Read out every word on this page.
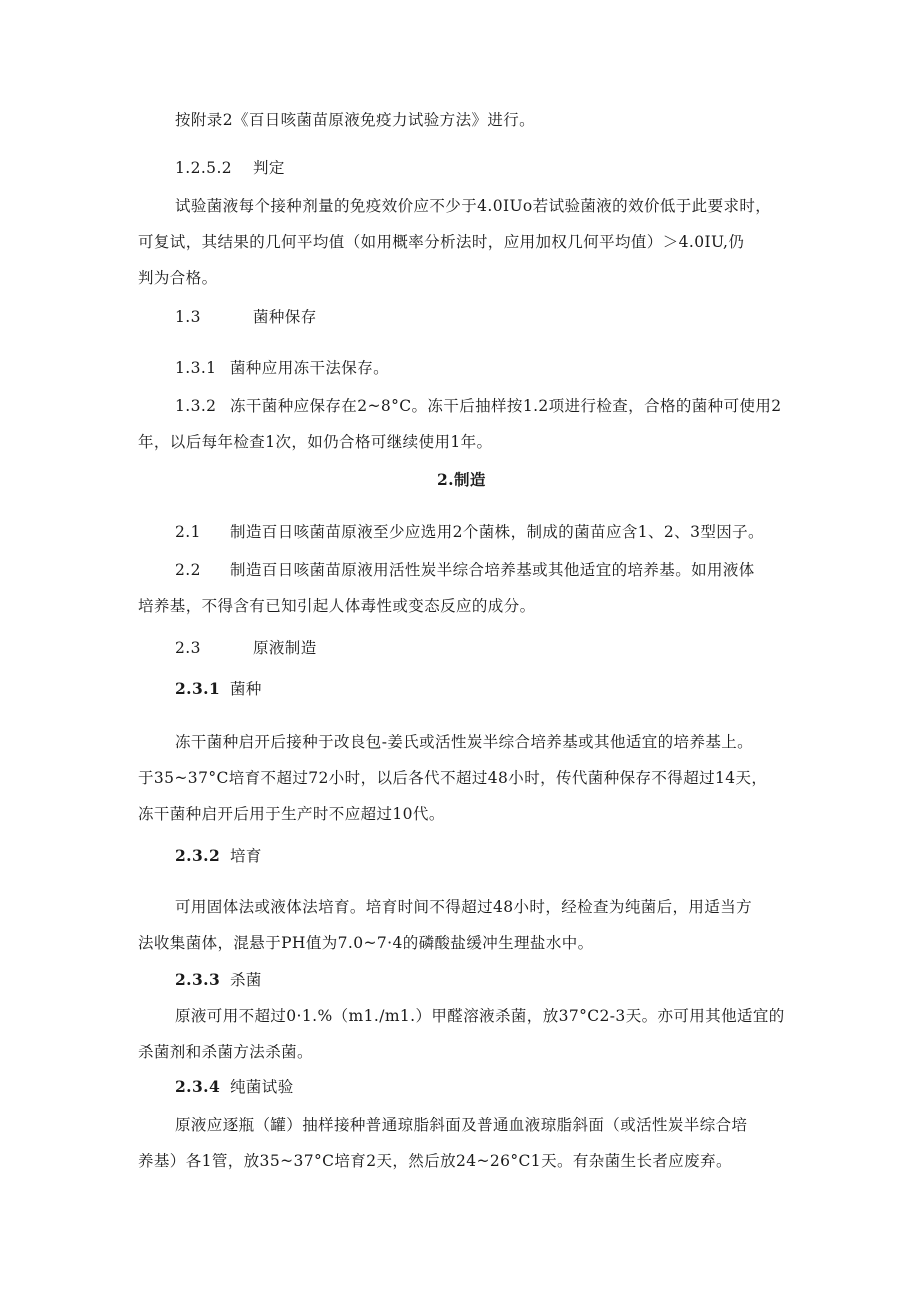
按附录2《百日咳菌苗原液免疫力试验方法》进行。
1.2.5.2 判定
试验菌液每个接种剂量的免疫效价应不少于4.0IUo若试验菌液的效价低于此要求时，
可复试，其结果的几何平均值（如用概率分析法时，应用加权几何平均值）＞4.0IU,仍
判为合格。
1.3	菌种保存
1.3.1 菌种应用冻干法保存。
1.3.2 冻干菌种应保存在2~8°C。冻干后抽样按1.2项进行检查，合格的菌种可使用2
年，以后每年检查1次，如仍合格可继续使用1年。
2.制造
2.1 制造百日咳菌苗原液至少应选用2个菌株，制成的菌苗应含1、2、3型因子。
2.2 制造百日咳菌苗原液用活性炭半综合培养基或其他适宜的培养基。如用液体
培养基，不得含有已知引起人体毒性或变态反应的成分。
2.3	原液制造
2.3.1 菌种
冻干菌种启开后接种于改良包-姜氏或活性炭半综合培养基或其他适宜的培养基上。
于35~37°C培育不超过72小时，以后各代不超过48小时，传代菌种保存不得超过14天，
冻干菌种启开后用于生产时不应超过10代。
2.3.2 培育
可用固体法或液体法培育。培育时间不得超过48小时，经检查为纯菌后，用适当方
法收集菌体，混悬于PH值为7.0~7·4的磷酸盐缓冲生理盐水中。
2.3.3 杀菌
原液可用不超过0·1.%（m1./m1.）甲醛溶液杀菌，放37°C2-3天。亦可用其他适宜的
杀菌剂和杀菌方法杀菌。
2.3.4 纯菌试验
原液应逐瓶（罐）抽样接种普通琼脂斜面及普通血液琼脂斜面（或活性炭半综合培
养基）各1管，放35~37°C培育2天，然后放24~26°C1天。有杂菌生长者应废弃。
